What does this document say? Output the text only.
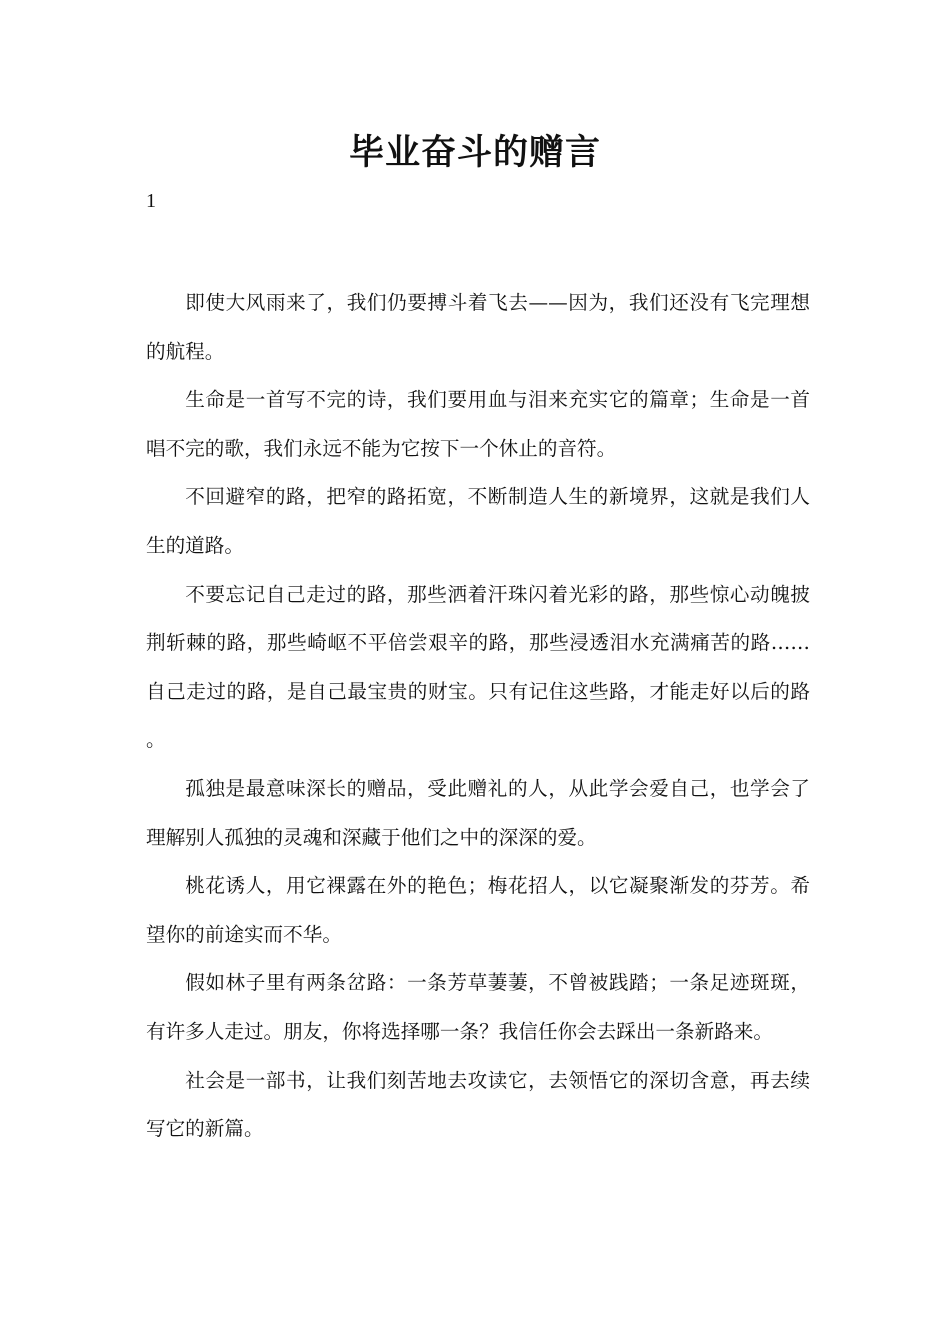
毕业奋斗的赠言
1

即使大风雨来了，我们仍要搏斗着飞去——因为，我们还没有飞完理想的航程。

生命是一首写不完的诗，我们要用血与泪来充实它的篇章；生命是一首唱不完的歌，我们永远不能为它按下一个休止的音符。

不回避窄的路，把窄的路拓宽，不断制造人生的新境界，这就是我们人生的道路。

不要忘记自己走过的路，那些洒着汗珠闪着光彩的路，那些惊心动魄披荆斩棘的路，那些崎岖不平倍尝艰辛的路，那些浸透泪水充满痛苦的路……自己走过的路，是自己最宝贵的财宝。只有记住这些路，才能走好以后的路。

孤独是最意味深长的赠品，受此赠礼的人，从此学会爱自己，也学会了理解别人孤独的灵魂和深藏于他们之中的深深的爱。

桃花诱人，用它裸露在外的艳色；梅花招人，以它凝聚渐发的芬芳。希望你的前途实而不华。

假如林子里有两条岔路：一条芳草萋萋，不曾被践踏；一条足迹斑斑，有许多人走过。朋友，你将选择哪一条？我信任你会去踩出一条新路来。

社会是一部书，让我们刻苦地去攻读它，去领悟它的深切含意，再去续写它的新篇。
